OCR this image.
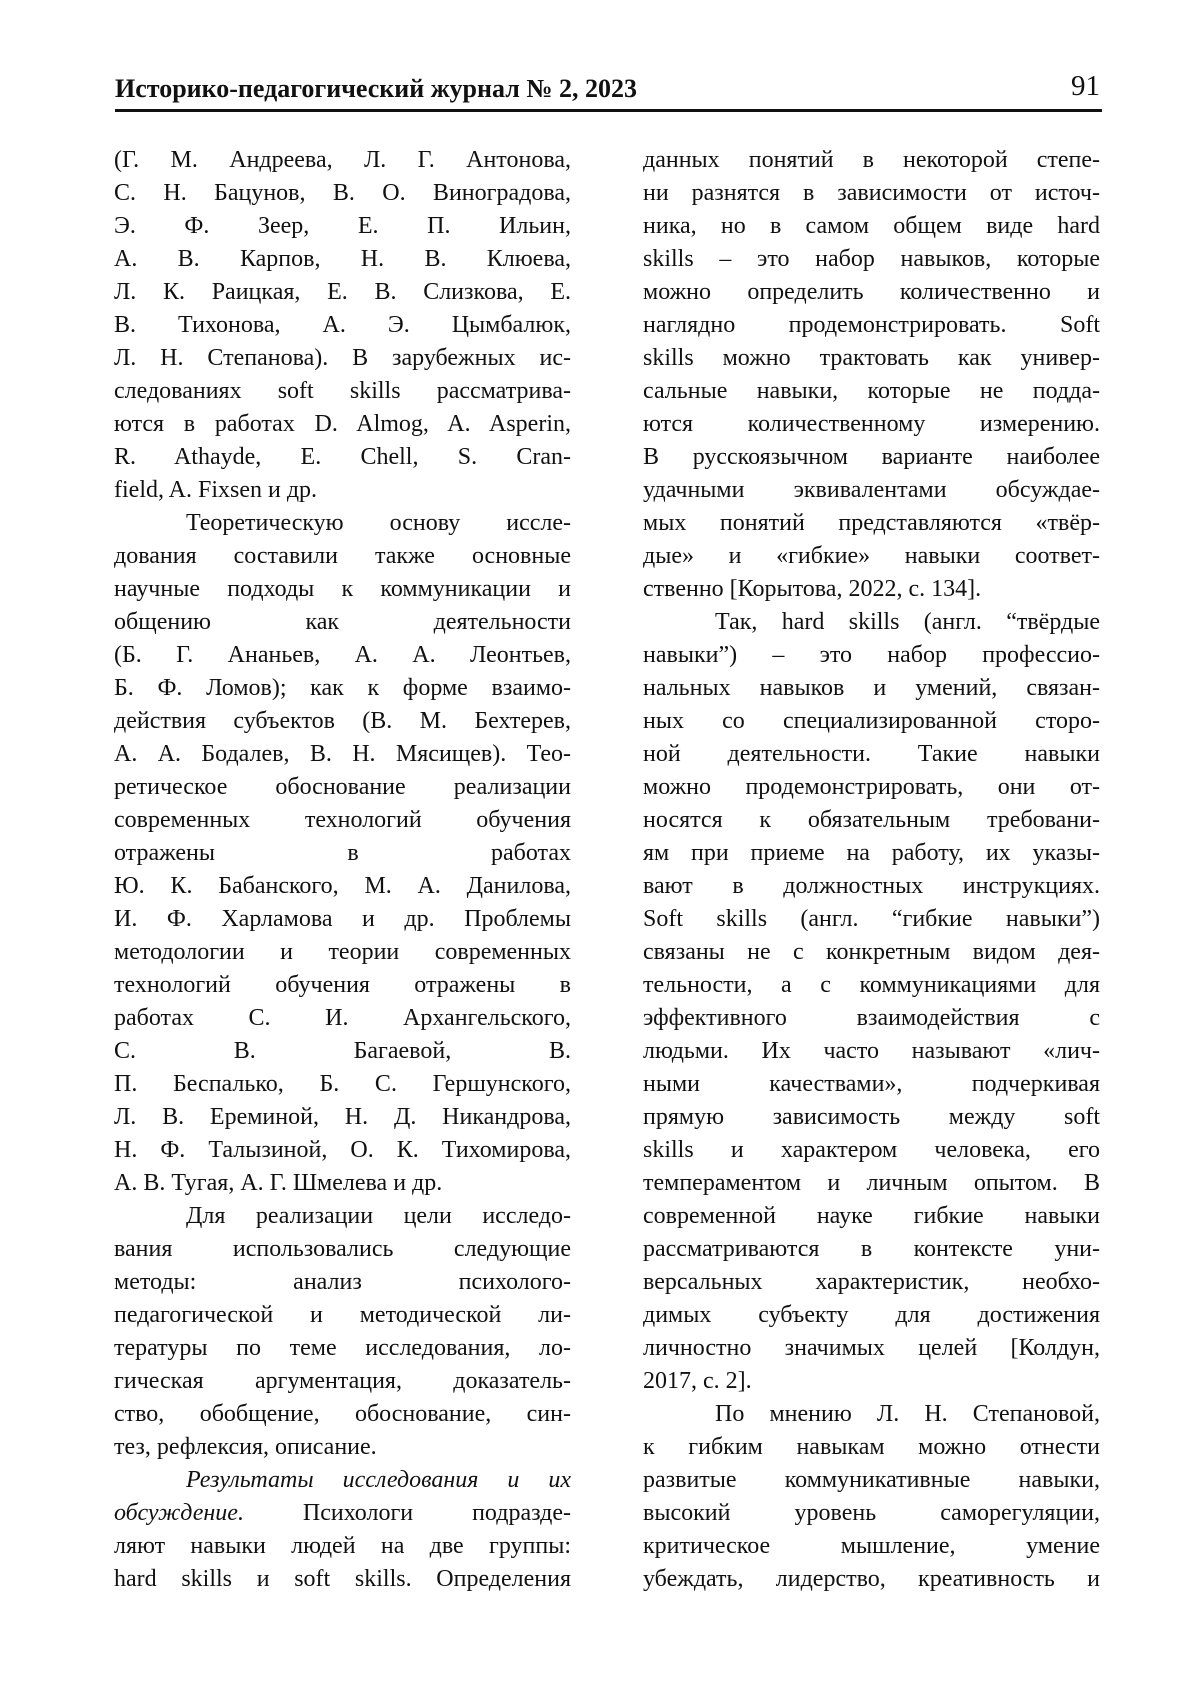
Историко-педагогический журнал № 2, 2023	91
(Г. М. Андреева, Л. Г. Антонова,
С. Н. Бацунов, В. О. Виноградова,
Э. Ф. Зеер, Е. П. Ильин,
А. В. Карпов, Н. В. Клюева,
Л. К. Раицкая, Е. В. Слизкова, Е.
В. Тихонова, А. Э. Цымбалюк,
Л. Н. Степанова). В зарубежных ис-
следованиях soft skills рассматрива-
ются в работах D. Almog, A. Asperin,
R. Athayde, E. Chell, S. Cran-
field, A. Fixsen и др.
Теоретическую основу иссле-
дования составили также основные
научные подходы к коммуникации и
общению как деятельности
(Б. Г. Ананьев, А. А. Леонтьев,
Б. Ф. Ломов); как к форме взаимо-
действия субъектов (В. М. Бехтерев,
А. А. Бодалев, В. Н. Мясищев). Тео-
ретическое обоснование реализации
современных технологий обучения
отражены в работах
Ю. К. Бабанского, М. А. Данилова,
И. Ф. Харламова и др. Проблемы
методологии и теории современных
технологий обучения отражены в
работах С. И. Архангельского,
С. В. Багаевой, В.
П. Беспалько, Б. С. Гершунского,
Л. В. Ереминой, Н. Д. Никандрова,
Н. Ф. Талызиной, О. К. Тихомирова,
А. В. Тугая, А. Г. Шмелева и др.
Для реализации цели исследо-
вания использовались следующие
методы: анализ психолого-
педагогической и методической ли-
тературы по теме исследования, ло-
гическая аргументация, доказатель-
ство, обобщение, обоснование, син-
тез, рефлексия, описание.
Результаты исследования и их
обсуждение. Психологи подразде-
ляют навыки людей на две группы:
hard skills и soft skills. Определения
данных понятий в некоторой степе-
ни разнятся в зависимости от источ-
ника, но в самом общем виде hard
skills – это набор навыков, которые
можно определить количественно и
наглядно продемонстрировать. Soft
skills можно трактовать как универ-
сальные навыки, которые не подда-
ются количественному измерению.
В русскоязычном варианте наиболее
удачными эквивалентами обсуждае-
мых понятий представляются «твёр-
дые» и «гибкие» навыки соответ-
ственно [Корытова, 2022, с. 134].
Так, hard skills (англ. “твёрдые
навыки”) – это набор профессио-
нальных навыков и умений, связан-
ных со специализированной сторо-
ной деятельности. Такие навыки
можно продемонстрировать, они от-
носятся к обязательным требовани-
ям при приеме на работу, их указы-
вают в должностных инструкциях.
Soft skills (англ. “гибкие навыки”)
связаны не с конкретным видом дея-
тельности, а с коммуникациями для
эффективного взаимодействия с
людьми. Их часто называют «лич-
ными качествами», подчеркивая
прямую зависимость между soft
skills и характером человека, его
темпераментом и личным опытом. В
современной науке гибкие навыки
рассматриваются в контексте уни-
версальных характеристик, необхо-
димых субъекту для достижения
личностно значимых целей [Колдун,
2017, с. 2].
По мнению Л. Н. Степановой,
к гибким навыкам можно отнести
развитые коммуникативные навыки,
высокий уровень саморегуляции,
критическое мышление, умение
убеждать, лидерство, креативность и
